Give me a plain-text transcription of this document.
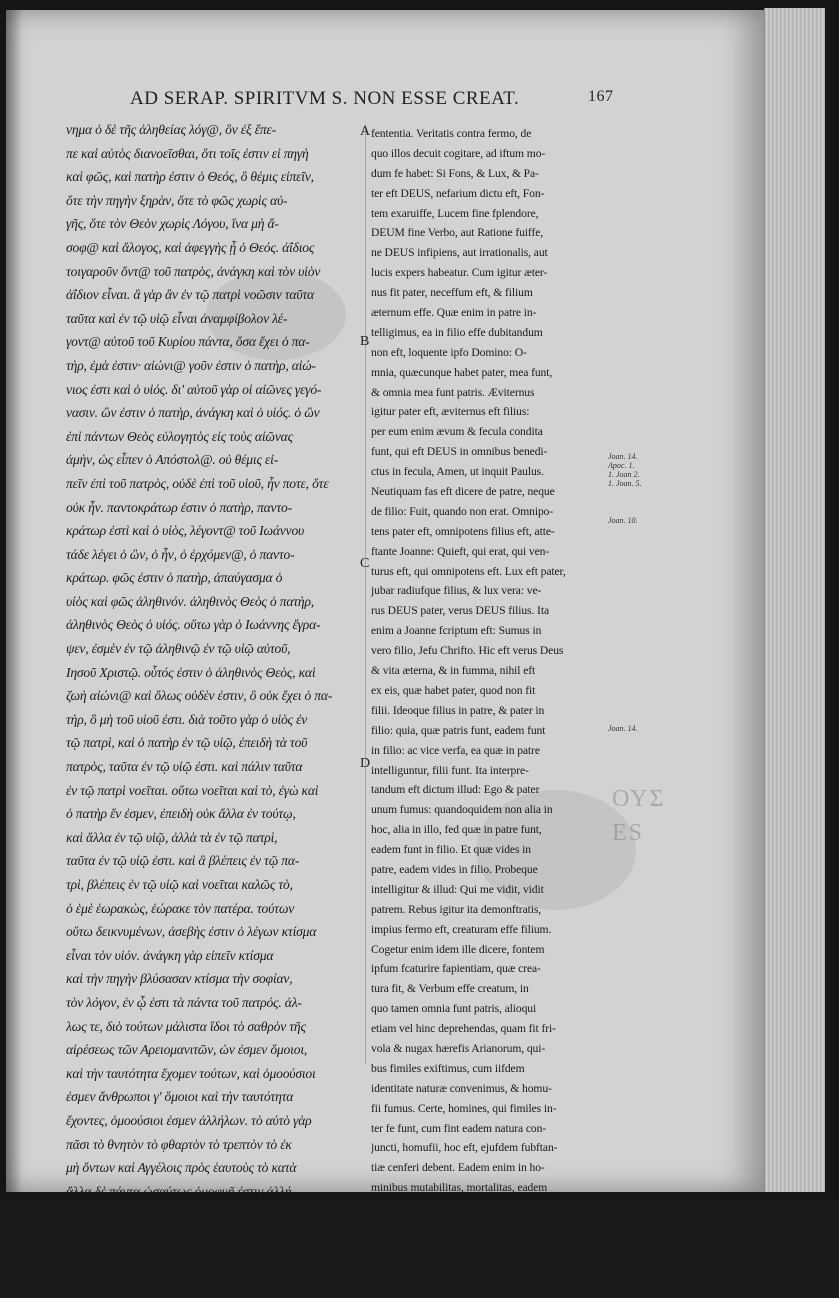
AD SERAP. SPIRITVM S. NON ESSE CREAT.	167
νημα ὁ δὲ τῆς ἀληθείας λόγ@, ὃν ἐξ ἔπε-
πε καὶ αὐτὸς διανοεῖσθαι, ὅτι τοῖς ἐστιν εἰ πηγὴ
καὶ φῶς, καὶ πατὴρ ἐστιν ὁ Θεός, ὃ θέμις εἰπεῖν,
ὅτε τὴν πηγὴν ξηρὰν, ὅτε τὸ φῶς χωρὶς αὐ-
γῆς, ὅτε τὸν Θεὸν χωρὶς Λόγου, ἵνα μὴ ἄ-
σοφ@ καὶ ἄλογος, καὶ ἀφεγγὴς ᾖ ὁ Θεός. ἀΐδιος
τοιγαροῦν ὄντ@ τοῦ πατρὸς, ἀνάγκη καὶ τὸν υἱὸν
ἀΐδιον εἶναι. ἃ γὰρ ἂν ἐν τῷ πατρὶ νοῶσιν ταῦτα
ταῦτα καὶ ἐν τῷ υἱῷ εἶναι ἀναμφίβολον λέ-
γοντ@ αὐτοῦ τοῦ Κυρίου πάντα, ὅσα ἔχει ὁ πα-
τὴρ, ἐμὰ ἐστιν· αἰώνι@ γοῦν ἐστιν ὁ πατὴρ, αἰώ-
νιος ἐστι καὶ ὁ υἱός. δι' αὐτοῦ γὰρ οἱ αἰῶνες γεγό-
νασιν. ὢν ἐστιν ὁ πατὴρ, ἀνάγκη καὶ ὁ υἱός. ὁ ὢν
ἐπὶ πάντων Θεὸς εὐλογητὸς εἰς τοὺς αἰῶνας
ἀμὴν, ὡς εἶπεν ὁ Απόστολ@. οὐ θέμις εἰ-
πεῖν ἐπὶ τοῦ πατρὸς, οὐδὲ ἐπὶ τοῦ υἱοῦ, ἦν ποτε, ὅτε
οὐκ ἦν. παντοκράτωρ ἐστιν ὁ πατὴρ, παντο-
κράτωρ ἐστὶ καὶ ὁ υἱὸς, λέγοντ@ τοῦ Ιωάννου
τάδε λέγει ὁ ὢν, ὁ ἦν, ὁ ἐρχόμεν@, ὁ παντο-
κράτωρ. φῶς ἐστιν ὁ πατὴρ, ἀπαύγασμα ὁ
υἱὸς καὶ φῶς ἀληθινόν. ἀληθινὸς Θεὸς ὁ πατὴρ,
ἀληθινὸς Θεὸς ὁ υἱός. οὕτω γὰρ ὁ Ιωάννης ἔγρα-
ψεν, ἐσμὲν ἐν τῷ ἀληθινῷ ἐν τῷ υἱῷ αὐτοῦ,
Ιησοῦ Χριστῷ. οὗτός ἐστιν ὁ ἀληθινὸς Θεὸς, καὶ
ζωὴ αἰώνι@ καὶ ὅλως οὐδὲν ἐστιν, ὃ οὐκ ἔχει ὁ πα-
τὴρ, ὃ μὴ τοῦ υἱοῦ ἐστι. διὰ τοῦτο γὰρ ὁ υἱὸς ἐν
τῷ πατρὶ, καὶ ὁ πατὴρ ἐν τῷ υἱῷ, ἐπειδὴ τὰ τοῦ
πατρὸς, ταῦτα ἐν τῷ υἱῷ ἐστι. καὶ πάλιν ταῦτα
ἐν τῷ πατρὶ νοεῖται. οὕτω νοεῖται καὶ τὸ, ἐγὼ καὶ
ὁ πατὴρ ἕν ἐσμεν, ἐπειδὴ οὐκ ἄλλα ἐν τούτῳ,
καὶ ἄλλα ἐν τῷ υἱῷ, ἀλλὰ τὰ ἐν τῷ πατρὶ,
ταῦτα ἐν τῷ υἱῷ ἐστι. καὶ ἃ βλέπεις ἐν τῷ πα-
τρὶ, βλέπεις ἐν τῷ υἱῷ καὶ νοεῖται καλῶς τὸ,
ὁ ἑμὲ ἑωρακὼς, ἑώρακε τὸν πατέρα. τούτων
οὕτω δεικνυμένων, ἀσεβὴς ἐστιν ὁ λέγων κτίσμα
εἶναι τὸν υἱόν. ἀνάγκη γὰρ εἰπεῖν κτίσμα
καὶ τὴν πηγὴν βλύσασαν κτίσμα τὴν σοφίαν,
τὸν λόγον, ἐν ᾧ ἐστι τὰ πάντα τοῦ πατρός. ἀλ-
λως τε, διὸ τούτων μάλιστα ἴδοι τὸ σαθρὸν τῆς
αἱρέσεως τῶν Αρειομανιτῶν, ὡν ἐσμεν ὅμοιοι,
καὶ τὴν ταυτότητα ἔχομεν τούτων, καὶ ὁμοούσιοι
ἐσμεν ἄνθρωποι γ' ὅμοιοι καὶ τὴν ταυτότητα
ἔχοντες, ὁμοούσιοι ἐσμεν ἀλλήλων. τὸ αὐτὸ γὰρ
πᾶσι τὸ θνητὸν τὸ φθαρτὸν τὸ τρεπτὸν τὸ ἐκ
μὴ ὄντων καὶ Αγγέλοις πρὸς ἑαυτοὺς τὸ κατὰ
ἄλλα δὲ πάντα ὡσαύτως ὁμοφυῆ ἐστιν ἀλλή-
λων. οὐκ οὖν ἐρωτάτωσαν οἱ ἀσεβεῖς, εἰ
ἐστί τις ὁμοιότης πρὸς τὸν υἱὸν τοῖς κτίσμασιν
fententia. Veritatis contra fermo, de
quo illos decuit cogitare, ad iftum mo-
dum fe habet: Si Fons, & Lux, & Pa-
ter eft DEUS, nefarium dictu eft, Fon-
tem exaruiffe, Lucem fine fplendore,
DEUM fine Verbo, aut Ratione fuiffe,
ne DEUS infipiens, aut irrationalis, aut
lucis expers habeatur. Cum igitur æter-
nus fit pater, neceffum eft, & filium
æternum effe. Quæ enim in patre in-
telligimus, ea in filio effe dubitandum
non eft, loquente ipfo Domino: O-
mnia, quæcunque habet pater, mea funt,
& omnia mea funt patris. Æviternus
igitur pater eft, æviternus eft filius:
per eum enim ævum & fecula condita
funt, qui eft DEUS in omnibus benedi-
ctus in fecula, Amen, ut inquit Paulus.
Neutiquam fas eft dicere de patre, neque
de filio: Fuit, quando non erat. Omnipo-
tens pater eft, omnipotens filius eft, atte-
ftante Joanne: Quieft, qui erat, qui ven-
turus eft, qui omnipotens eft. Lux eft pater,
jubar radiufque filius, & lux vera: ve-
rus DEUS pater, verus DEUS filius. Ita
enim a Joanne fcriptum eft: Sumus in
vero filio, Jefu Chrifto. Hic eft verus Deus
& vita æterna, & in fumma, nihil eft
ex eis, quæ habet pater, quod non fit
filii. Ideoque filius in patre, & pater in
filio: quia, quæ patris funt, eadem funt
in filio: ac vice verfa, ea quæ in patre
intelliguntur, filii funt. Ita interpre-
tandum eft dictum illud: Ego & pater
unum fumus: quandoquidem non alia in
hoc, alia in illo, fed quæ in patre funt,
eadem funt in filio. Et quæ vides in
patre, eadem vides in filio. Probeque
intelligitur & illud: Qui me vidit, vidit
patrem. Rebus igitur ita demonftratis,
impius fermo eft, creaturam effe filium.
Cogetur enim idem ille dicere, fontem
ipfum fcaturire fapientiam, quæ crea-
tura fit, & Verbum effe creatum, in
quo tamen omnia funt patris, alioqui
etiam vel hinc deprehendas, quam fit fri-
vola & nugax hærefis Arianorum, qui-
bus fimiles exiftimus, cum iifdem
identitate naturæ convenimus, & homu-
fii fumus. Certe, homines, qui fimiles in-
ter fe funt, cum fint eadem natura con-
juncti, homufii, hoc eft, ejufdem fubftan-
tiæ cenferi debent. Eadem enim in ho-
minibus mutabilitas, mortalitas, eadem
origo, qua ex nihilo prodierunt. Angeli
quoque inter fe generis ratione, & cætera
omnia cognata funt, & ejufdem naturæ.
Quapropter, fi interrogent curiofi ifti, an
fit filio aliqua fimilitudo cum rebus crea-
A
B
C
D
Joan. 14.
Apoc. 1.
1. Joan 2.
1. Joan. 5.
Joan. 10.
Joan. 14.
ΟΥΣ
ES
